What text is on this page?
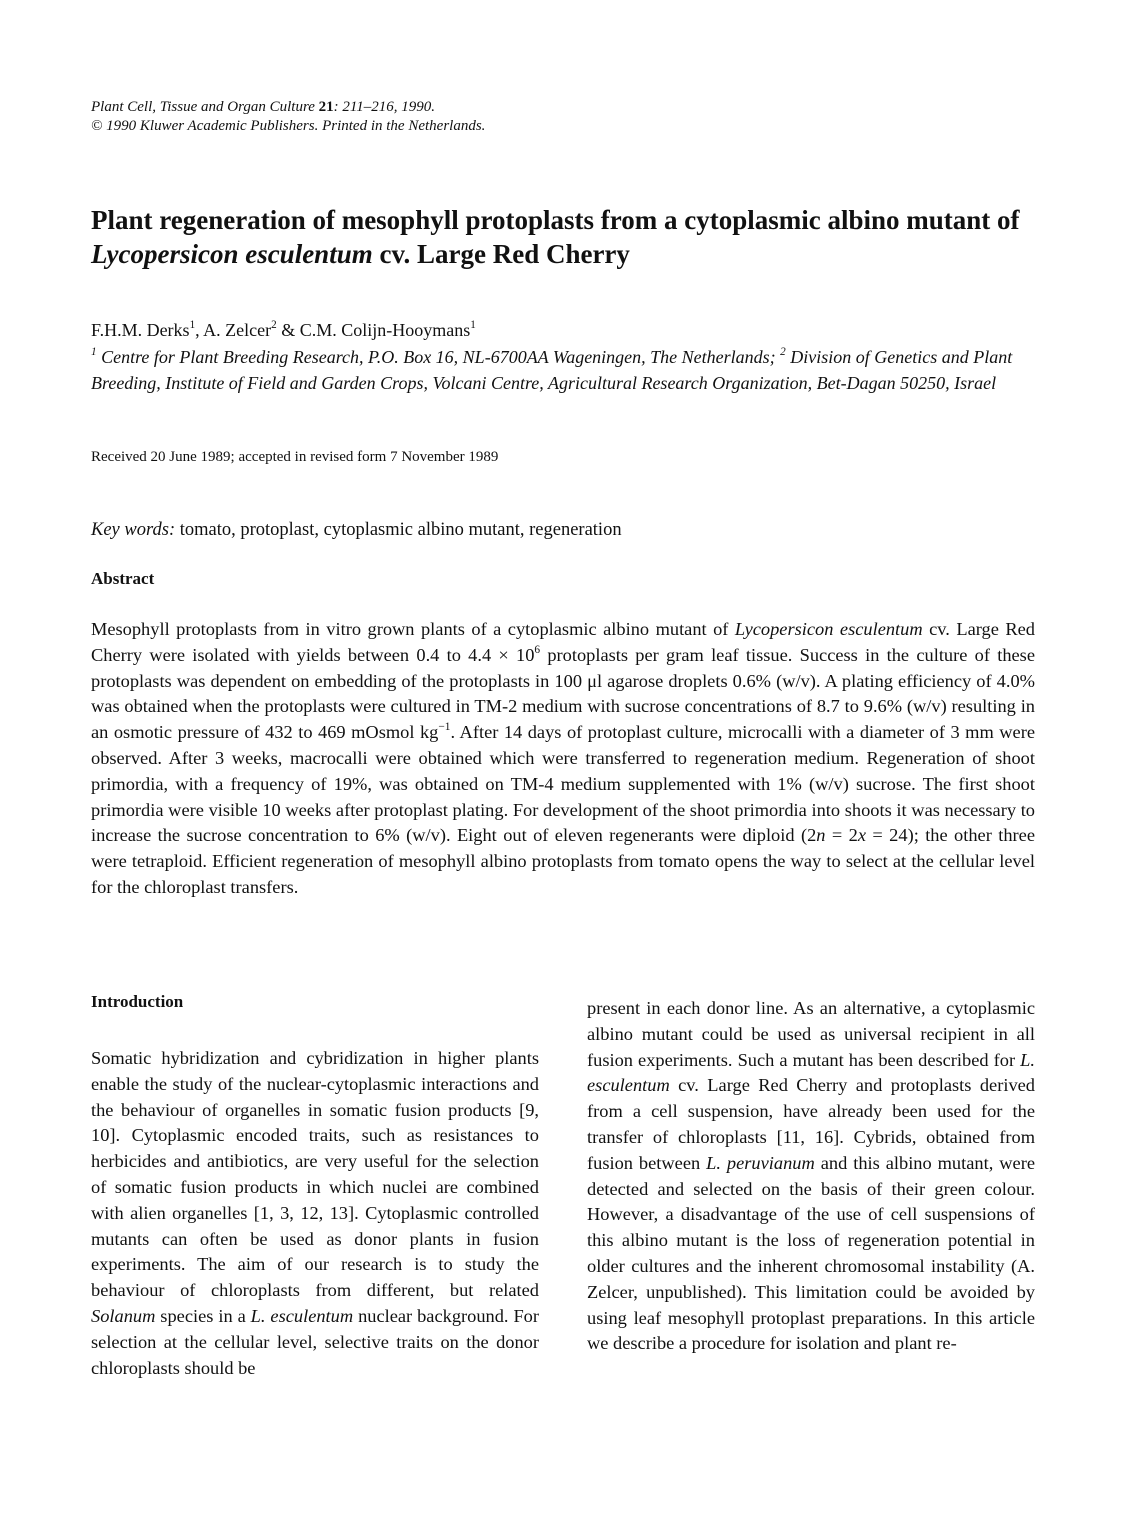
Plant Cell, Tissue and Organ Culture 21: 211–216, 1990.
© 1990 Kluwer Academic Publishers. Printed in the Netherlands.
Plant regeneration of mesophyll protoplasts from a cytoplasmic albino mutant of Lycopersicon esculentum cv. Large Red Cherry
F.H.M. Derks$^1$, A. Zelcer$^2$ & C.M. Colijn-Hooymans$^1$
$^1$ Centre for Plant Breeding Research, P.O. Box 16, NL-6700AA Wageningen, The Netherlands; $^2$ Division of Genetics and Plant Breeding, Institute of Field and Garden Crops, Volcani Centre, Agricultural Research Organization, Bet-Dagan 50250, Israel
Received 20 June 1989; accepted in revised form 7 November 1989
Key words: tomato, protoplast, cytoplasmic albino mutant, regeneration
Abstract

Mesophyll protoplasts from in vitro grown plants of a cytoplasmic albino mutant of Lycopersicon esculentum cv. Large Red Cherry were isolated with yields between 0.4 to $4.4 \times 10^6$ protoplasts per gram leaf tissue. Success in the culture of these protoplasts was dependent on embedding of the protoplasts in 100 μl agarose droplets 0.6% (w/v). A plating efficiency of 4.0% was obtained when the protoplasts were cultured in TM-2 medium with sucrose concentrations of 8.7 to 9.6% (w/v) resulting in an osmotic pressure of 432 to 469 mOsmol $kg^{-1}$. After 14 days of protoplast culture, microcalli with a diameter of 3 mm were observed. After 3 weeks, macrocalli were obtained which were transferred to regeneration medium. Regeneration of shoot primordia, with a frequency of 19%, was obtained on TM-4 medium supplemented with 1% (w/v) sucrose. The first shoot primordia were visible 10 weeks after protoplast plating. For development of the shoot primordia into shoots it was necessary to increase the sucrose concentration to 6% (w/v). Eight out of eleven regenerants were diploid (2n = 2x = 24); the other three were tetraploid. Efficient regeneration of mesophyll albino protoplasts from tomato opens the way to select at the cellular level for the chloroplast transfers.

Introduction

Somatic hybridization and cybridization in higher plants enable the study of the nuclear-cytoplasmic interactions and the behaviour of organelles in somatic fusion products [9, 10]. Cytoplasmic encoded traits, such as resistances to herbicides and antibiotics, are very useful for the selection of somatic fusion products in which nuclei are combined with alien organelles [1, 3, 12, 13]. Cytoplasmic controlled mutants can often be used as donor plants in fusion experiments. The aim of our research is to study the behaviour of chloroplasts from different, but related Solanum species in a L. esculentum nuclear background. For selection at the cellular level, selective traits on the donor chloroplasts should be

present in each donor line. As an alternative, a cytoplasmic albino mutant could be used as universal recipient in all fusion experiments. Such a mutant has been described for L. esculentum cv. Large Red Cherry and protoplasts derived from a cell suspension, have already been used for the transfer of chloroplasts [11, 16]. Cybrids, obtained from fusion between L. peruvianum and this albino mutant, were detected and selected on the basis of their green colour. However, a disadvantage of the use of cell suspensions of this albino mutant is the loss of regeneration potential in older cultures and the inherent chromosomal instability (A. Zelcer, unpublished). This limitation could be avoided by using leaf mesophyll protoplast preparations. In this article we describe a procedure for isolation and plant re-
